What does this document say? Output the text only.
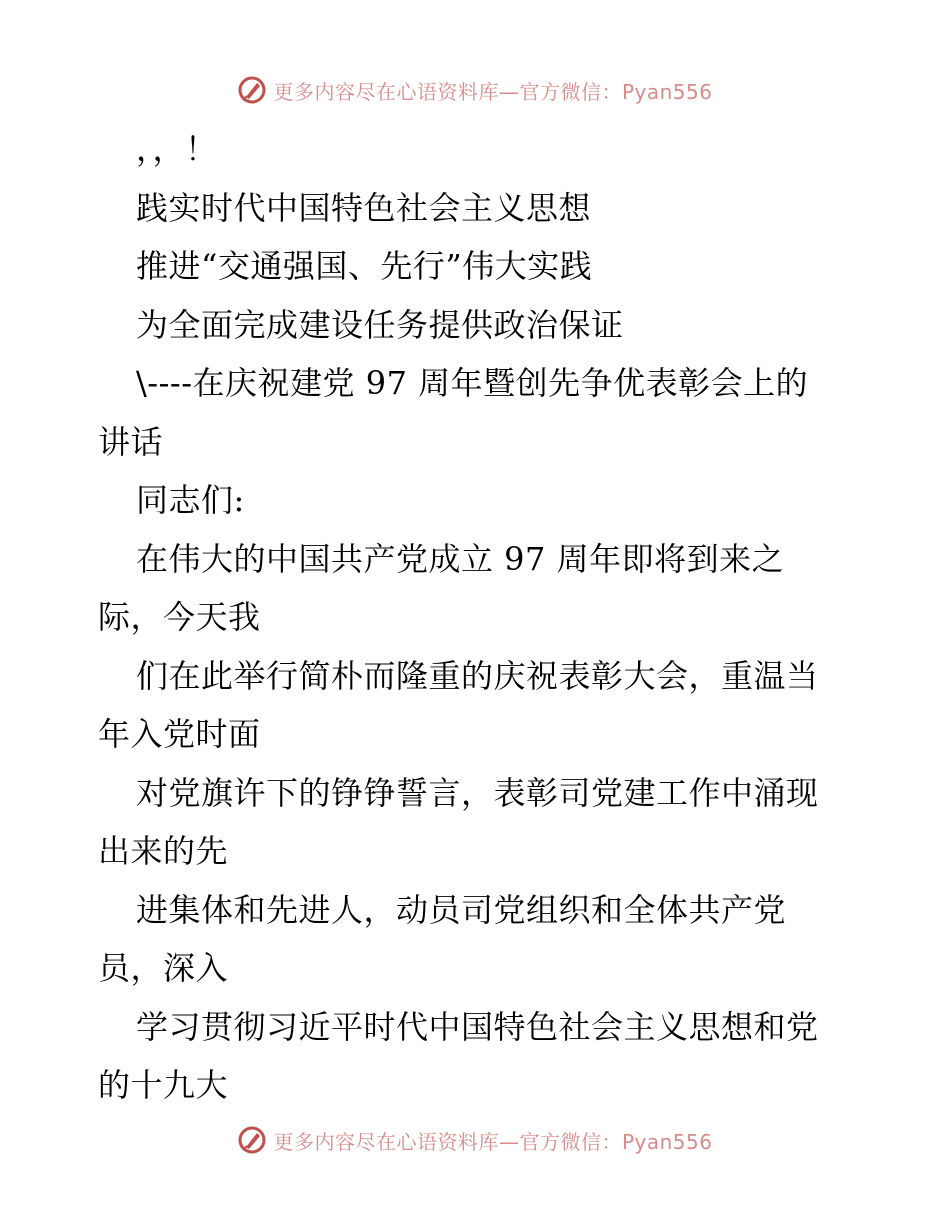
更多内容尽在心语资料库—官方微信：Pyan556
，，！
践实时代中国特色社会主义思想
推进“交通强国、先行”伟大实践
为全面完成建设任务提供政治保证
\----在庆祝建党 97 周年暨创先争优表彰会上的
讲话
同志们:
在伟大的中国共产党成立 97 周年即将到来之
际，今天我
们在此举行简朴而隆重的庆祝表彰大会，重温当
年入党时面
对党旗许下的铮铮誓言，表彰司党建工作中涌现
出来的先
进集体和先进人，动员司党组织和全体共产党
员，深入
学习贯彻习近平时代中国特色社会主义思想和党
的十九大
更多内容尽在心语资料库—官方微信：Pyan556
